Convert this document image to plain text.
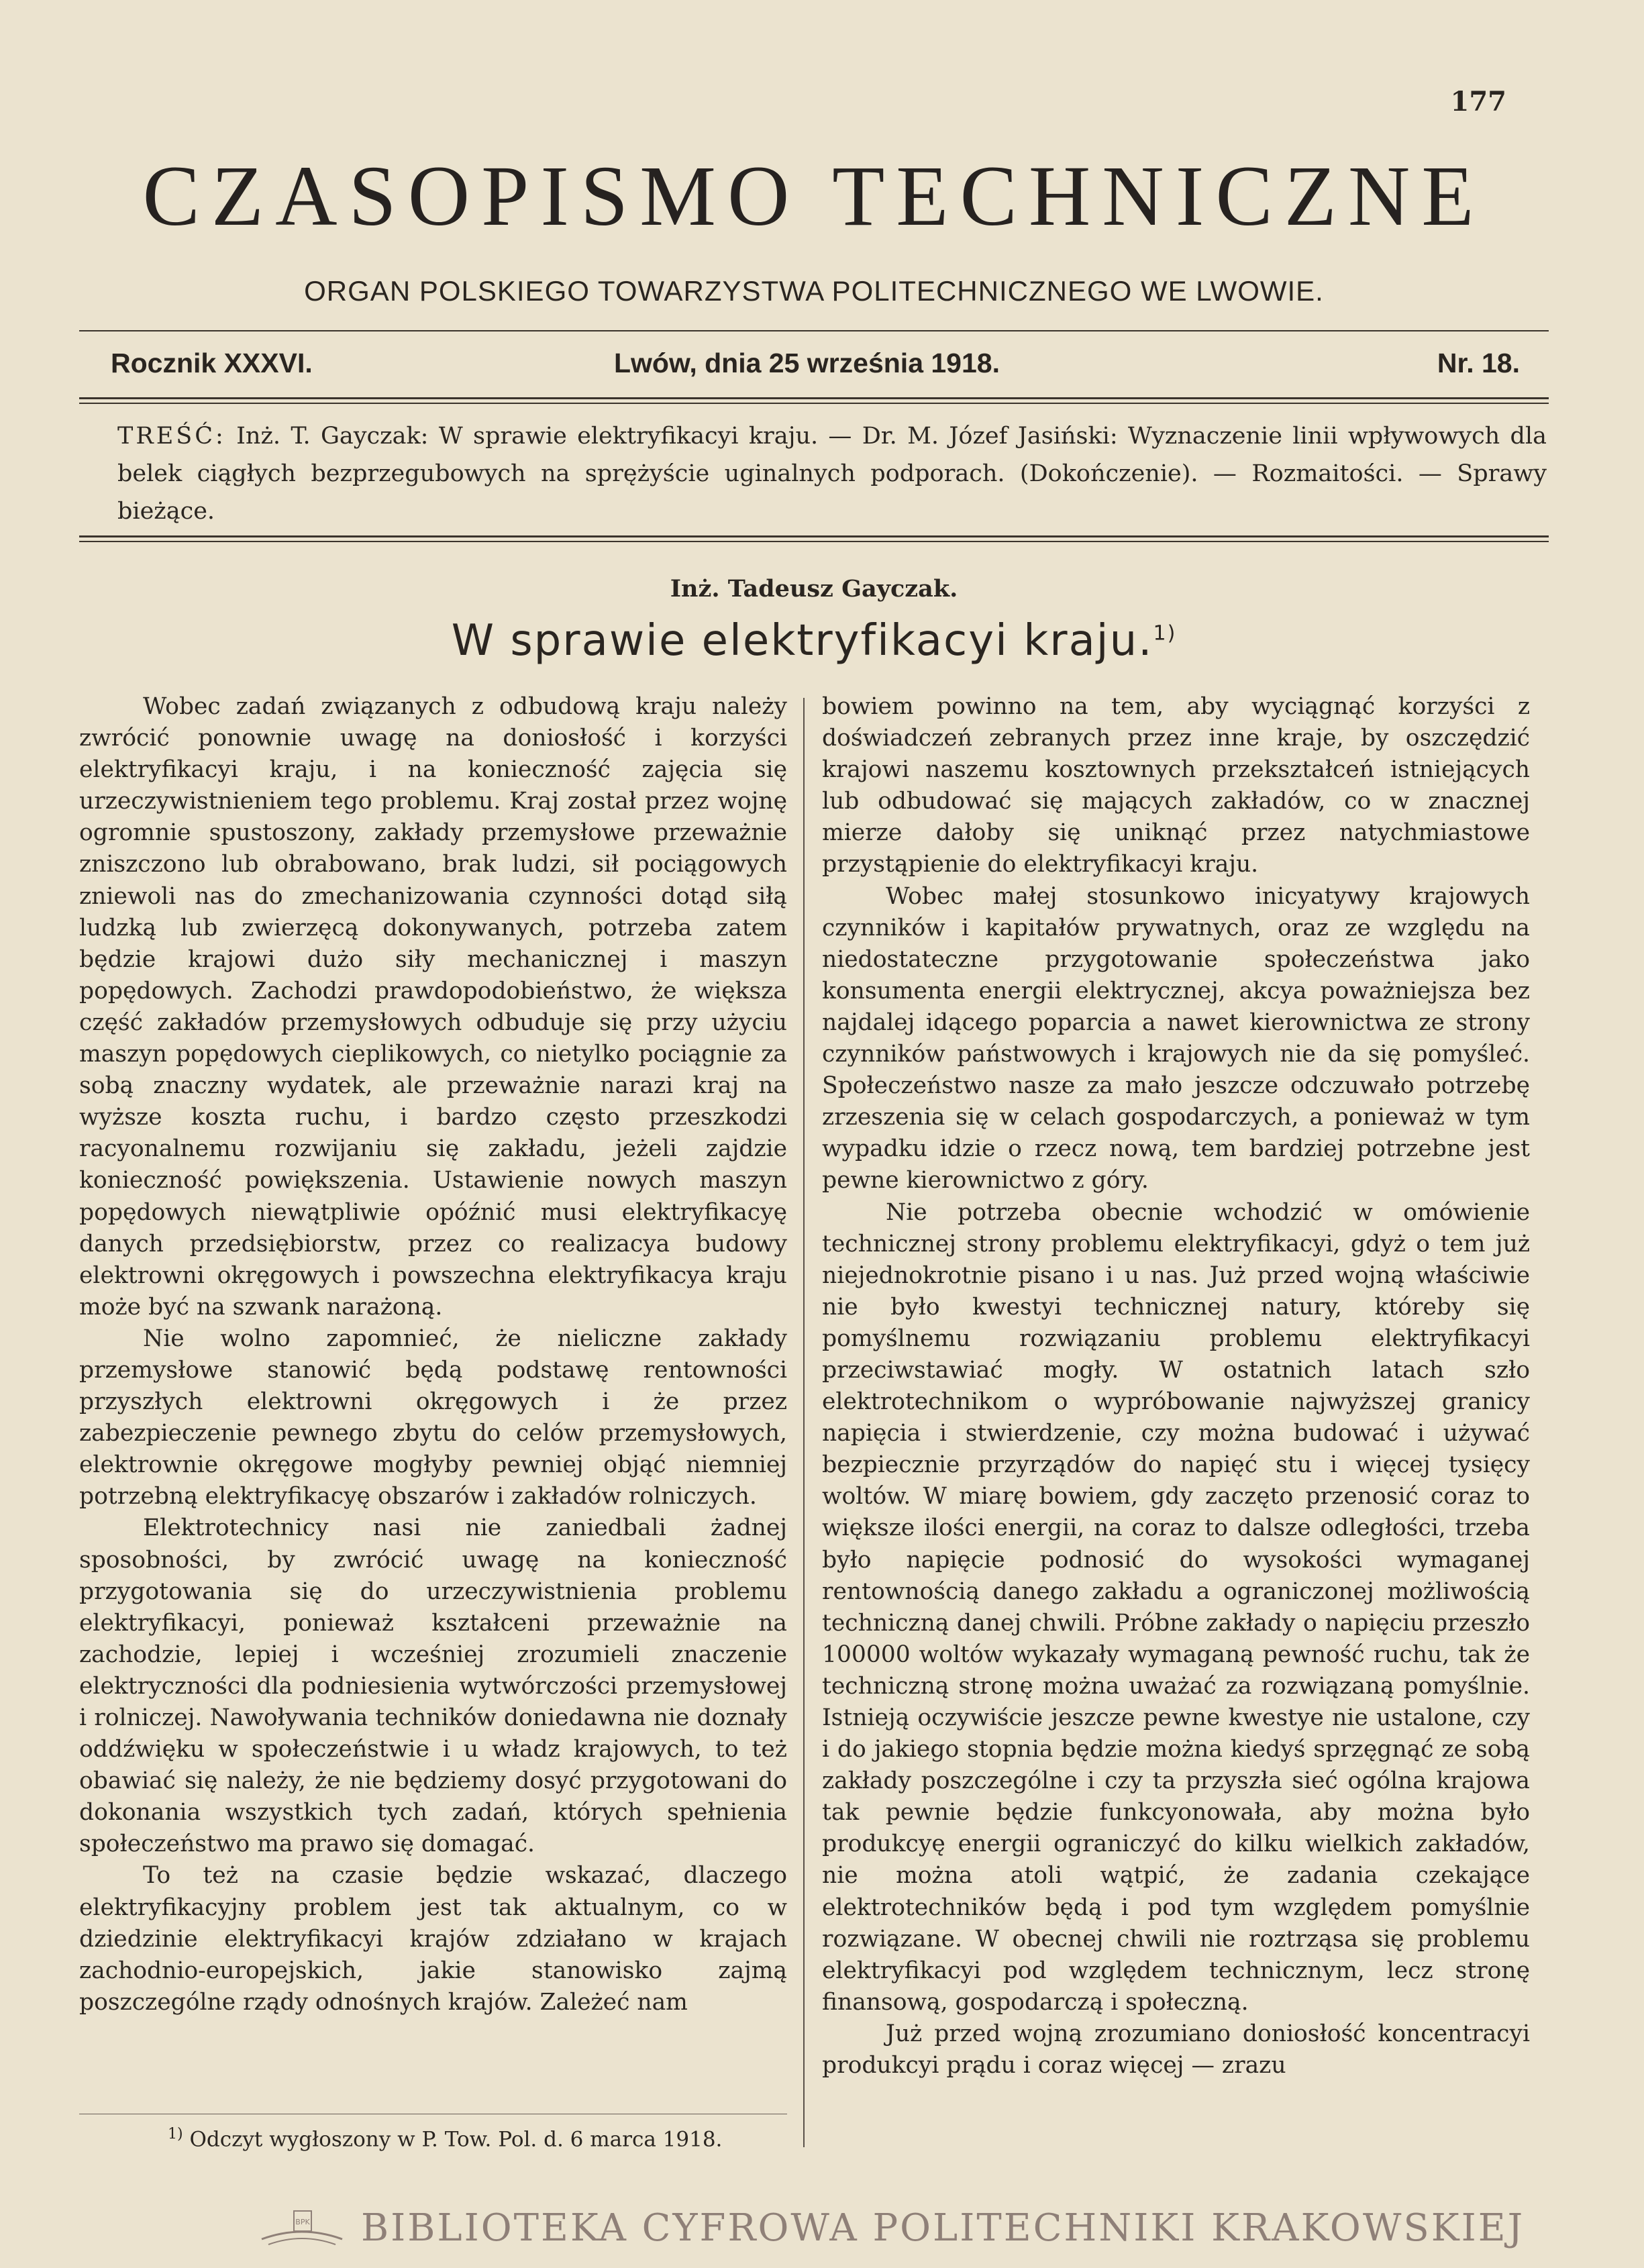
177
CZASOPISMO TECHNICZNE
ORGAN POLSKIEGO TOWARZYSTWA POLITECHNICZNEGO WE LWOWIE.
Rocznik XXXVI.	Lwów, dnia 25 września 1918.	Nr. 18.
TREŚĆ: Inż. T. Gayczak: W sprawie elektryfikacyi kraju. — Dr. M. Józef Jasiński: Wyznaczenie linii wpływowych dla belek ciągłych bezprzegubowych na sprężyście uginalnych podporach. (Dokończenie). — Rozmaitości. — Sprawy bieżące.
Inż. Tadeusz Gayczak.
W sprawie elektryfikacyi kraju.$^{1)}$

Wobec zadań związanych z odbudową kraju należy zwrócić ponownie uwagę na doniosłość i korzyści elektryfikacyi kraju, i na konieczność zajęcia się urzeczywistnieniem tego problemu. Kraj został przez wojnę ogromnie spustoszony, zakłady przemysłowe przeważnie zniszczono lub obrabowano, brak ludzi, sił pociągowych zniewoli nas do zmechanizowania czynności dotąd siłą ludzką lub zwierzęcą dokonywanych, potrzeba zatem będzie krajowi dużo siły mechanicznej i maszyn popędowych. Zachodzi prawdopodobieństwo, że większa część zakładów przemysłowych odbuduje się przy użyciu maszyn popędowych cieplikowych, co nietylko pociągnie za sobą znaczny wydatek, ale przeważnie narazi kraj na wyższe koszta ruchu, i bardzo często przeszkodzi racyonalnemu rozwijaniu się zakładu, jeżeli zajdzie konieczność powiększenia. Ustawienie nowych maszyn popędowych niewątpliwie opóźnić musi elektryfikacyę danych przedsiębiorstw, przez co realizacya budowy elektrowni okręgowych i powszechna elektryfikacya kraju może być na szwank narażoną.

Nie wolno zapomnieć, że nieliczne zakłady przemysłowe stanowić będą podstawę rentowności przyszłych elektrowni okręgowych i że przez zabezpieczenie pewnego zbytu do celów przemysłowych, elektrownie okręgowe mogłyby pewniej objąć niemniej potrzebną elektryfikacyę obszarów i zakładów rolniczych.

Elektrotechnicy nasi nie zaniedbali żadnej sposobności, by zwrócić uwagę na konieczność przygotowania się do urzeczywistnienia problemu elektryfikacyi, ponieważ kształceni przeważnie na zachodzie, lepiej i wcześniej zrozumieli znaczenie elektryczności dla podniesienia wytwórczości przemysłowej i rolniczej. Nawoływania techników doniedawna nie doznały oddźwięku w społeczeństwie i u władz krajowych, to też obawiać się należy, że nie będziemy dosyć przygotowani do dokonania wszystkich tych zadań, których spełnienia społeczeństwo ma prawo się domagać.

To też na czasie będzie wskazać, dlaczego elektryfikacyjny problem jest tak aktualnym, co w dziedzinie elektryfikacyi krajów zdziałano w krajach zachodnio-europejskich, jakie stanowisko zajmą poszczególne rządy odnośnych krajów. Zależeć nam

bowiem powinno na tem, aby wyciągnąć korzyści z doświadczeń zebranych przez inne kraje, by oszczędzić krajowi naszemu kosztownych przekształceń istniejących lub odbudować się mających zakładów, co w znacznej mierze dałoby się uniknąć przez natychmiastowe przystąpienie do elektryfikacyi kraju.

Wobec małej stosunkowo inicyatywy krajowych czynników i kapitałów prywatnych, oraz ze względu na niedostateczne przygotowanie społeczeństwa jako konsumenta energii elektrycznej, akcya poważniejsza bez najdalej idącego poparcia a nawet kierownictwa ze strony czynników państwowych i krajowych nie da się pomyśleć. Społeczeństwo nasze za mało jeszcze odczuwało potrzebę zrzeszenia się w celach gospodarczych, a ponieważ w tym wypadku idzie o rzecz nową, tem bardziej potrzebne jest pewne kierownictwo z góry.

Nie potrzeba obecnie wchodzić w omówienie technicznej strony problemu elektryfikacyi, gdyż o tem już niejednokrotnie pisano i u nas. Już przed wojną właściwie nie było kwestyi technicznej natury, któreby się pomyślnemu rozwiązaniu problemu elektryfikacyi przeciwstawiać mogły. W ostatnich latach szło elektrotechnikom o wypróbowanie najwyższej granicy napięcia i stwierdzenie, czy można budować i używać bezpiecznie przyrządów do napięć stu i więcej tysięcy woltów. W miarę bowiem, gdy zaczęto przenosić coraz to większe ilości energii, na coraz to dalsze odległości, trzeba było napięcie podnosić do wysokości wymaganej rentownością danego zakładu a ograniczonej możliwością techniczną danej chwili. Próbne zakłady o napięciu przeszło 100000 woltów wykazały wymaganą pewność ruchu, tak że techniczną stronę można uważać za rozwiązaną pomyślnie. Istnieją oczywiście jeszcze pewne kwestye nie ustalone, czy i do jakiego stopnia będzie można kiedyś sprzęgnąć ze sobą zakłady poszczególne i czy ta przyszła sieć ogólna krajowa tak pewnie będzie funkcyonowała, aby można było produkcyę energii ograniczyć do kilku wielkich zakładów, nie można atoli wątpić, że zadania czekające elektrotechników będą i pod tym względem pomyślnie rozwiązane. W obecnej chwili nie roztrząsa się problemu elektryfikacyi pod względem technicznym, lecz stronę finansową, gospodarczą i społeczną.

Już przed wojną zrozumiano doniosłość koncentracyi produkcyi prądu i coraz więcej — zrazu

$^{1)}$ Odczyt wygłoszony w P. Tow. Pol. d. 6 marca 1918.
BPK BIBLIOTEKA CYFROWA POLITECHNIKI KRAKOWSKIEJ
